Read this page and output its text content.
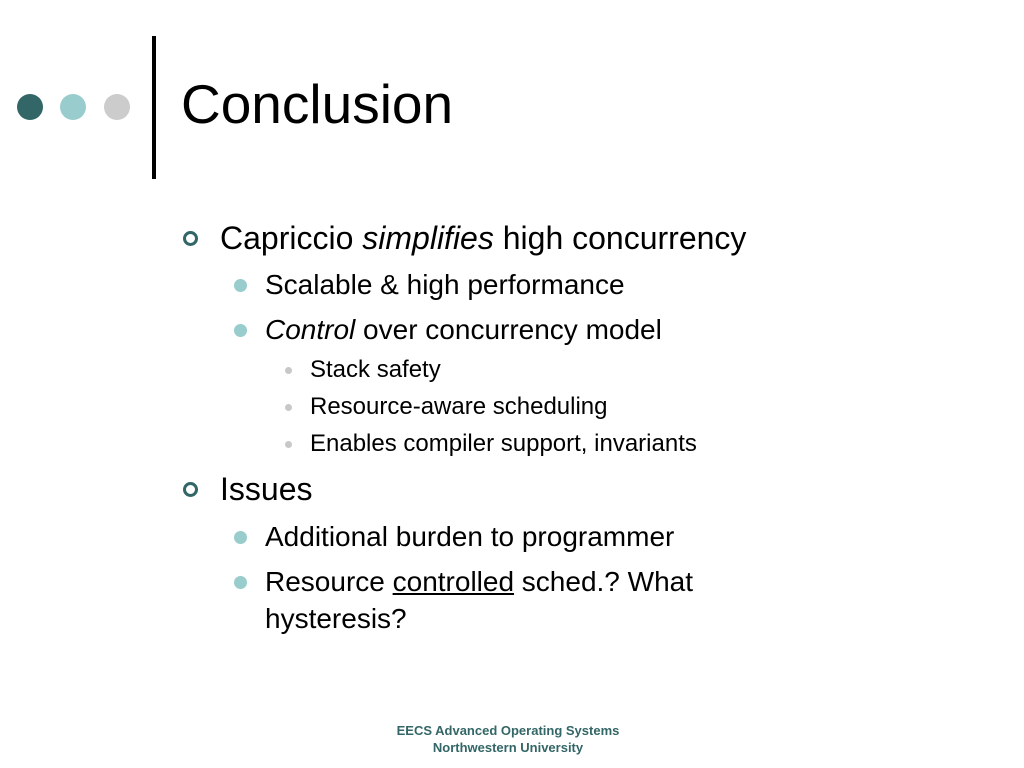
Conclusion
Capriccio simplifies high concurrency
Scalable & high performance
Control over concurrency model
Stack safety
Resource-aware scheduling
Enables compiler support, invariants
Issues
Additional burden to programmer
Resource controlled sched.? What
hysteresis?
EECS Advanced Operating Systems
Northwestern University
